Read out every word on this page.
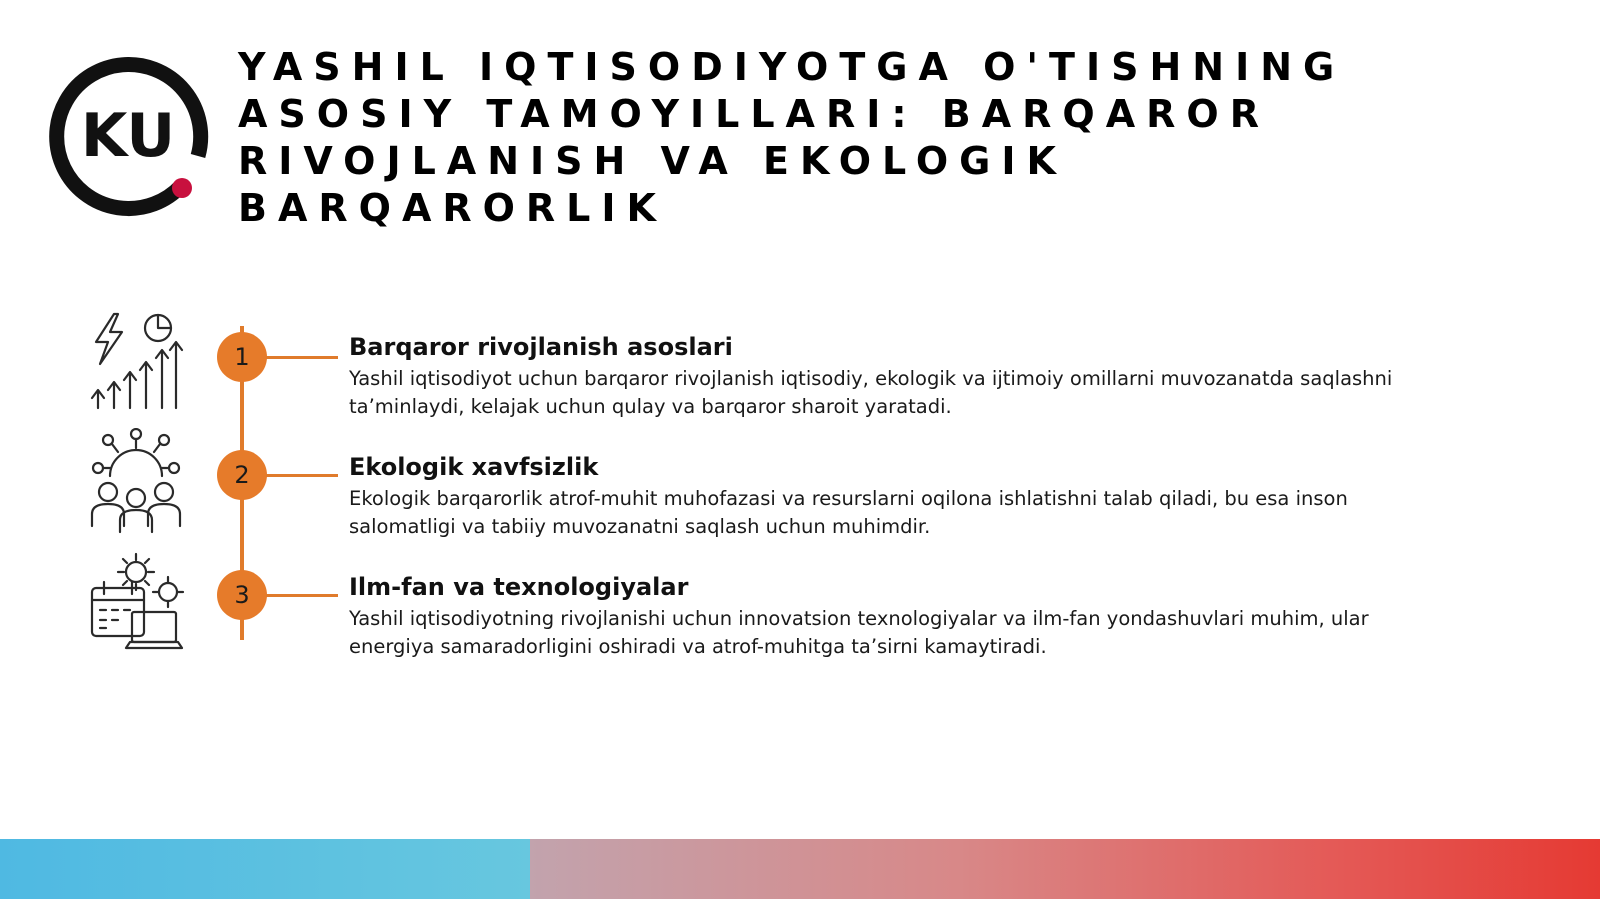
KU
YASHIL IQTISODIYOTGA O'TISHNING
ASOSIY TAMOYILLARI: BARQAROR
RIVOJLANISH VA EKOLOGIK
BARQARORLIK
1	Barqaror rivojlanish asoslari

Yashil iqtisodiyot uchun barqaror rivojlanish iqtisodiy, ekologik va ijtimoiy omillarni muvozanatda saqlashni
ta’minlaydi, kelajak uchun qulay va barqaror sharoit yaratadi.

2	Ekologik xavfsizlik

Ekologik barqarorlik atrof-muhit muhofazasi va resurslarni oqilona ishlatishni talab qiladi, bu esa inson
salomatligi va tabiiy muvozanatni saqlash uchun muhimdir.

3	Ilm-fan va texnologiyalar

Yashil iqtisodiyotning rivojlanishi uchun innovatsion texnologiyalar va ilm-fan yondashuvlari muhim, ular
energiya samaradorligini oshiradi va atrof-muhitga ta’sirni kamaytiradi.
